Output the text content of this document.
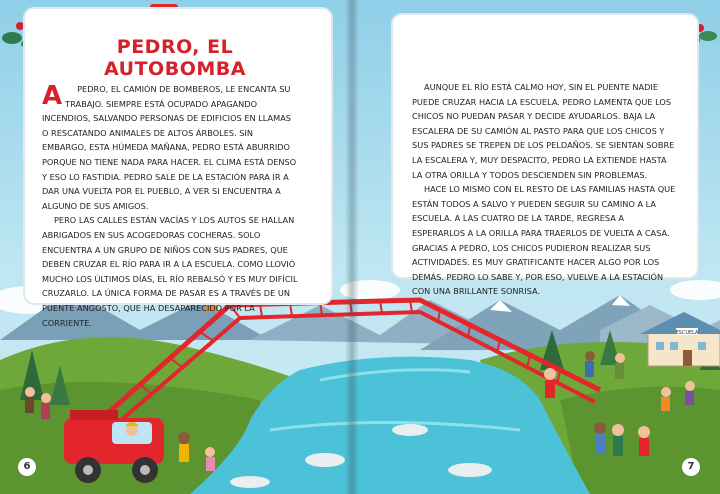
ESCUELA
PEDRO, EL AUTOBOMBA

A PEDRO, EL CAMIÓN DE BOMBEROS, LE ENCANTA SU TRABAJO. SIEMPRE ESTÁ OCUPADO APAGANDO INCENDIOS, SALVANDO PERSONAS DE EDIFICIOS EN LLAMAS O RESCATANDO ANIMALES DE ALTOS ÁRBOLES. SIN EMBARGO, ESTA HÚMEDA MAÑANA, PEDRO ESTÁ ABURRIDO PORQUE NO TIENE NADA PARA HACER. EL CLIMA ESTÁ DENSO Y ESO LO FASTIDIA. PEDRO SALE DE LA ESTACIÓN PARA IR A DAR UNA VUELTA POR EL PUEBLO, A VER SI ENCUENTRA A ALGUNO DE SUS AMIGOS.

PERO LAS CALLES ESTÁN VACÍAS Y LOS AUTOS SE HALLAN ABRIGADOS EN SUS ACOGEDORAS COCHERAS. SOLO ENCUENTRA A UN GRUPO DE NIÑOS CON SUS PADRES, QUE DEBEN CRUZAR EL RÍO PARA IR A LA ESCUELA. COMO LLOVIÓ MUCHO LOS ÚLTIMOS DÍAS, EL RÍO REBALSÓ Y ES MUY DIFÍCIL CRUZARLO. LA ÚNICA FORMA DE PASAR ES A TRAVÉS DE UN PUENTE ANGOSTO, QUE HA DESAPARECIDO POR LA CORRIENTE.

AUNQUE EL RÍO ESTÁ CALMO HOY, SIN EL PUENTE NADIE PUEDE CRUZAR HACIA LA ESCUELA. PEDRO LAMENTA QUE LOS CHICOS NO PUEDAN PASAR Y DECIDE AYUDARLOS. BAJA LA ESCALERA DE SU CAMIÓN AL PASTO PARA QUE LOS CHICOS Y SUS PADRES SE TREPEN DE LOS PELDAÑOS. SE SIENTAN SOBRE LA ESCALERA Y, MUY DESPACITO, PEDRO LA EXTIENDE HASTA LA OTRA ORILLA Y TODOS DESCIENDEN SIN PROBLEMAS.

HACE LO MISMO CON EL RESTO DE LAS FAMILIAS HASTA QUE ESTÁN TODOS A SALVO Y PUEDEN SEGUIR SU CAMINO A LA ESCUELA. A LAS CUATRO DE LA TARDE, REGRESA A ESPERARLOS A LA ORILLA PARA TRAERLOS DE VUELTA A CASA. GRACIAS A PEDRO, LOS CHICOS PUDIERON REALIZAR SUS ACTIVIDADES. ES MUY GRATIFICANTE HACER ALGO POR LOS DEMÁS. PEDRO LO SABE Y, POR ESO, VUELVE A LA ESTACIÓN CON UNA BRILLANTE SONRISA.

6	7
